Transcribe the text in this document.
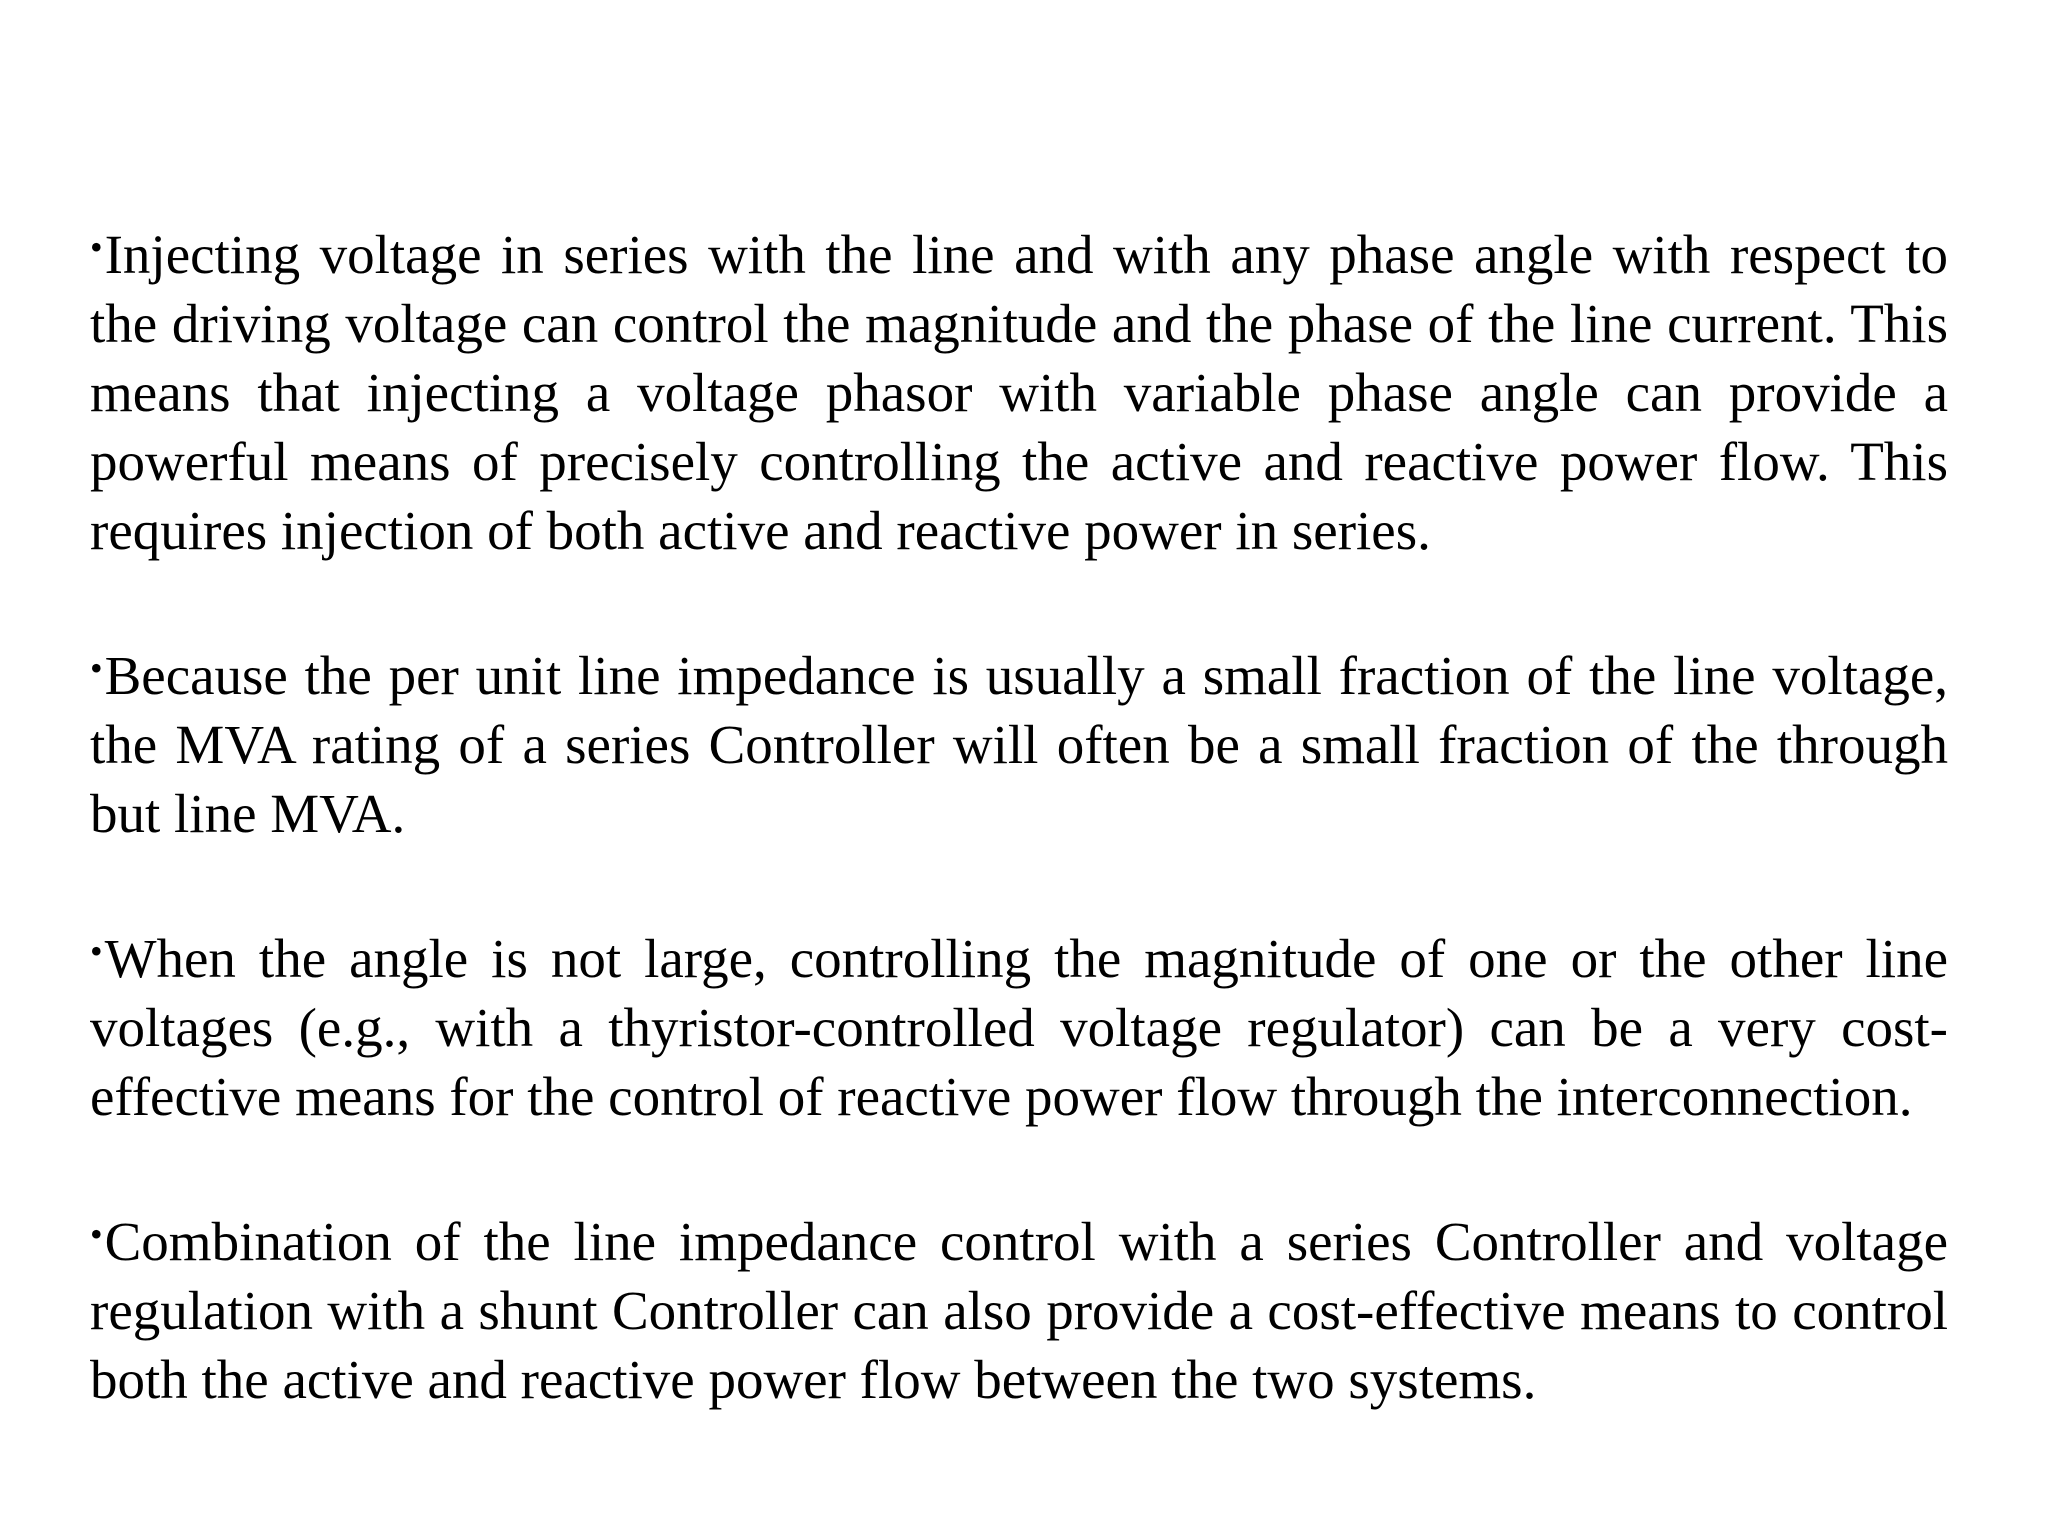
•Injecting voltage in series with the line and with any phase angle with respect to the driving voltage can control the magnitude and the phase of the line current. This means that injecting a voltage phasor with variable phase angle can provide a powerful means of precisely controlling the active and reactive power flow. This requires injection of both active and reactive power in series.

•Because the per unit line impedance is usually a small fraction of the line voltage, the MVA rating of a series Controller will often be a small fraction of the through but line MVA.

•When the angle is not large, controlling the magnitude of one or the other line voltages (e.g., with a thyristor-controlled voltage regulator) can be a very cost-effective means for the control of reactive power flow through the interconnection.

•Combination of the line impedance control with a series Controller and voltage regulation with a shunt Controller can also provide a cost-effective means to control both the active and reactive power flow between the two systems.
